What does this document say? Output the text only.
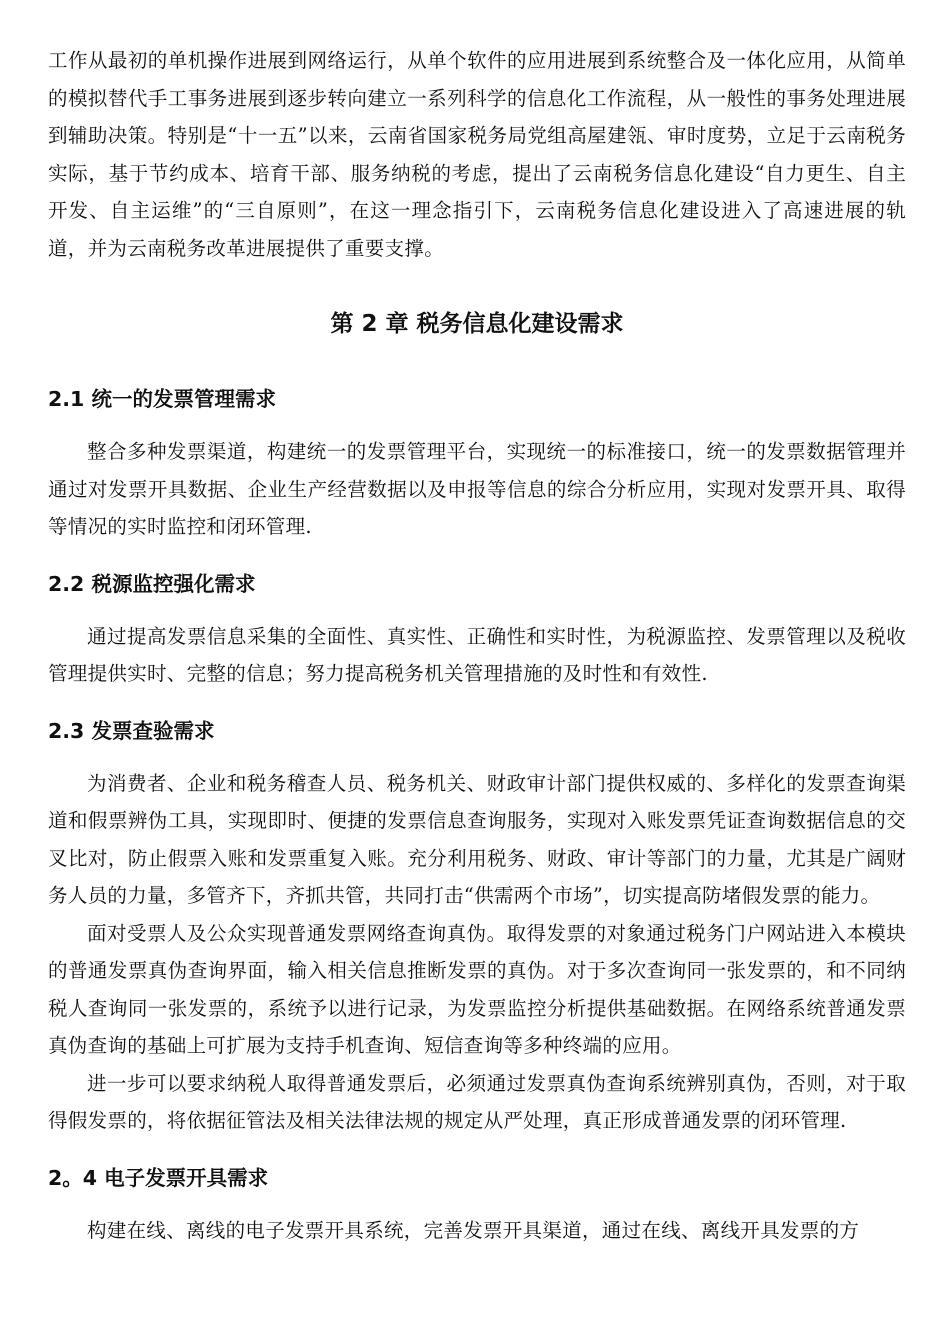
工作从最初的单机操作进展到网络运行，从单个软件的应用进展到系统整合及一体化应用，从简单的模拟替代手工事务进展到逐步转向建立一系列科学的信息化工作流程，从一般性的事务处理进展到辅助决策。特别是“十一五”以来，云南省国家税务局党组高屋建瓴、审时度势，立足于云南税务实际，基于节约成本、培育干部、服务纳税的考虑，提出了云南税务信息化建设“自力更生、自主开发、自主运维”的“三自原则”，在这一理念指引下，云南税务信息化建设进入了高速进展的轨道，并为云南税务改革进展提供了重要支撑。

第 2 章 税务信息化建设需求
2.1 统一的发票管理需求

整合多种发票渠道，构建统一的发票管理平台，实现统一的标准接口，统一的发票数据管理并通过对发票开具数据、企业生产经营数据以及申报等信息的综合分析应用，实现对发票开具、取得等情况的实时监控和闭环管理.

2.2 税源监控强化需求

通过提高发票信息采集的全面性、真实性、正确性和实时性，为税源监控、发票管理以及税收管理提供实时、完整的信息；努力提高税务机关管理措施的及时性和有效性.

2.3 发票查验需求

为消费者、企业和税务稽查人员、税务机关、财政审计部门提供权威的、多样化的发票查询渠道和假票辨伪工具，实现即时、便捷的发票信息查询服务，实现对入账发票凭证查询数据信息的交叉比对，防止假票入账和发票重复入账。充分利用税务、财政、审计等部门的力量，尤其是广阔财务人员的力量，多管齐下，齐抓共管，共同打击“供需两个市场”，切实提高防堵假发票的能力。

面对受票人及公众实现普通发票网络查询真伪。取得发票的对象通过税务门户网站进入本模块的普通发票真伪查询界面，输入相关信息推断发票的真伪。对于多次查询同一张发票的，和不同纳税人查询同一张发票的，系统予以进行记录，为发票监控分析提供基础数据。在网络系统普通发票真伪查询的基础上可扩展为支持手机查询、短信查询等多种终端的应用。

进一步可以要求纳税人取得普通发票后，必须通过发票真伪查询系统辨别真伪，否则，对于取得假发票的，将依据征管法及相关法律法规的规定从严处理，真正形成普通发票的闭环管理.

2。4 电子发票开具需求

构建在线、离线的电子发票开具系统，完善发票开具渠道，通过在线、离线开具发票的方
